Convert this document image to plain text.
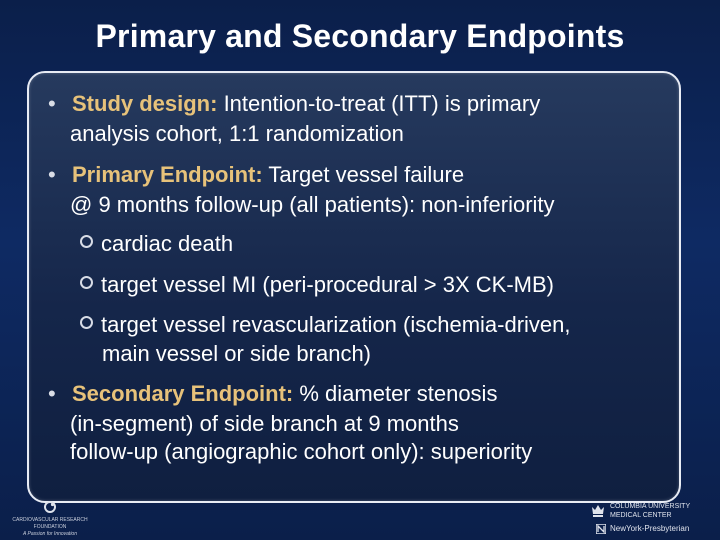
Primary and Secondary Endpoints
• Study design: Intention-to-treat (ITT) is primary
analysis cohort, 1:1 randomization
• Primary Endpoint: Target vessel failure
@ 9 months follow-up (all patients): non-inferiority
cardiac death
target vessel MI (peri-procedural > 3X CK-MB)
target vessel revascularization (ischemia-driven,
main vessel or side branch)
• Secondary Endpoint: % diameter stenosis
(in-segment) of side branch at 9 months
follow-up (angiographic cohort only): superiority
CARDIOVASCULAR RESEARCH
FOUNDATION
A Passion for Innovation
COLUMBIA UNIVERSITY
MEDICAL CENTER
NewYork-Presbyterian
